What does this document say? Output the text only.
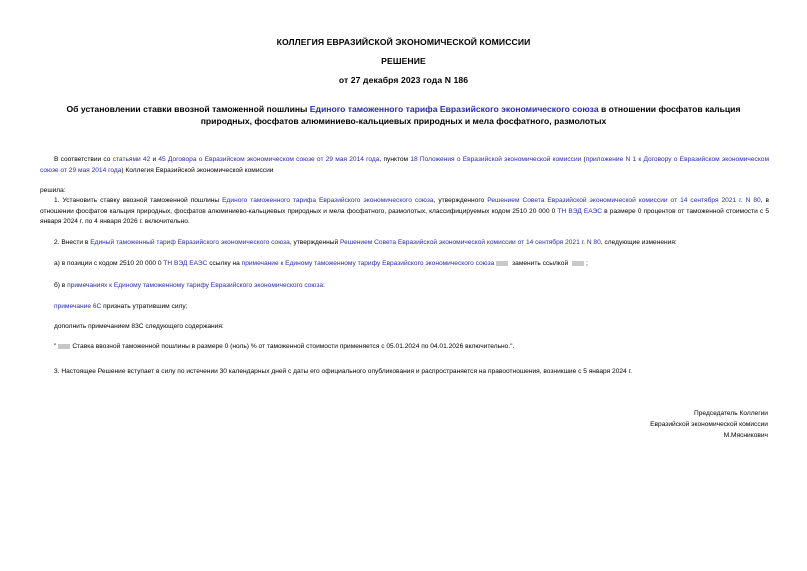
КОЛЛЕГИЯ ЕВРАЗИЙСКОЙ ЭКОНОМИЧЕСКОЙ КОМИССИИ
РЕШЕНИЕ
от 27 декабря 2023 года N 186
Об установлении ставки ввозной таможенной пошлины Единого таможенного тарифа Евразийского экономического союза в отношении фосфатов кальция природных, фосфатов алюминиево-кальциевых природных и мела фосфатного, размолотых
В соответствии со статьями 42 и 45 Договора о Евразийском экономическом союзе от 29 мая 2014 года, пунктом 18 Положения о Евразийской экономической комиссии (приложение N 1 к Договору о Евразийском экономическом союзе от 29 мая 2014 года) Коллегия Евразийской экономической комиссии
решила:
1. Установить ставку ввозной таможенной пошлины Единого таможенного тарифа Евразийского экономического союза, утвержденного Решением Совета Евразийской экономической комиссии от 14 сентября 2021 г. N 80, в отношении фосфатов кальция природных, фосфатов алюминиево-кальциевых природных и мела фосфатного, размолотых, классифицируемых кодом 2510 20 000 0 ТН ВЭД ЕАЭС в размере 0 процентов от таможенной стоимости с 5 января 2024 г. по 4 января 2026 г. включительно.
2. Внести в Единый таможенный тариф Евразийского экономического союза, утвержденный Решением Совета Евразийской экономической комиссии от 14 сентября 2021 г. N 80, следующие изменения:
а) в позиции с кодом 2510 20 000 0 ТН ВЭД ЕАЭС ссылку на примечание к Единому таможенному тарифу Евразийского экономического союза заменить ссылкой ;
б) в примечаниях к Единому таможенному тарифу Евразийского экономического союза:
примечание 6С признать утратившим силу;
дополнить примечанием 83С следующего содержания:
" Ставка ввозной таможенной пошлины в размере 0 (ноль) % от таможенной стоимости применяется с 05.01.2024 по 04.01.2026 включительно.".
3. Настоящее Решение вступает в силу по истечении 30 календарных дней с даты его официального опубликования и распространяется на правоотношения, возникшие с 5 января 2024 г.
Председатель Коллегии
Евразийской экономической комиссии
М.Мясникович
